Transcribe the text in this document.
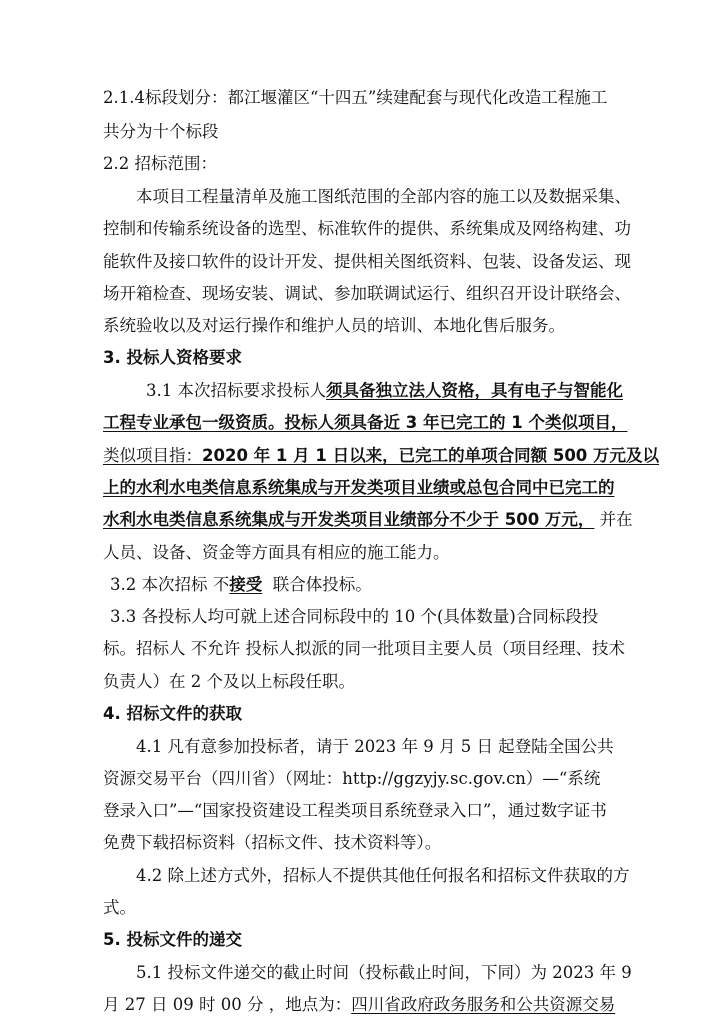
2.1.4标段划分：都江堰灌区“十四五”续建配套与现代化改造工程施工
共分为十个标段
2.2 招标范围：
本项目工程量清单及施工图纸范围的全部内容的施工以及数据采集、
控制和传输系统设备的选型、标准软件的提供、系统集成及网络构建、功
能软件及接口软件的设计开发、提供相关图纸资料、包装、设备发运、现
场开箱检查、现场安装、调试、参加联调试运行、组织召开设计联络会、
系统验收以及对运行操作和维护人员的培训、本地化售后服务。
3. 投标人资格要求
3.1 本次招标要求投标人须具备独立法人资格，具有电子与智能化
工程专业承包一级资质。投标人须具备近 3 年已完工的 1 个类似项目，
类似项目指：2020 年 1 月 1 日以来，已完工的单项合同额 500 万元及以
上的水利水电类信息系统集成与开发类项目业绩或总包合同中已完工的
水利水电类信息系统集成与开发类项目业绩部分不少于 500 万元， 并在
人员、设备、资金等方面具有相应的施工能力。
3.2 本次招标 不接受  联合体投标。
3.3 各投标人均可就上述合同标段中的 10 个(具体数量)合同标段投
标。招标人 不允许 投标人拟派的同一批项目主要人员（项目经理、技术
负责人）在 2 个及以上标段任职。
4. 招标文件的获取
4.1 凡有意参加投标者，请于 2023 年 9 月 5 日 起登陆全国公共
资源交易平台（四川省）（网址：http://ggzyjy.sc.gov.cn）—“系统
登录入口”—“国家投资建设工程类项目系统登录入口”，通过数字证书
免费下载招标资料（招标文件、技术资料等）。
4.2 除上述方式外，招标人不提供其他任何报名和招标文件获取的方
式。
5. 投标文件的递交
5.1 投标文件递交的截止时间（投标截止时间，下同）为 2023 年 9
月 27 日 09 时 00 分 ，地点为：四川省政府政务服务和公共资源交易
